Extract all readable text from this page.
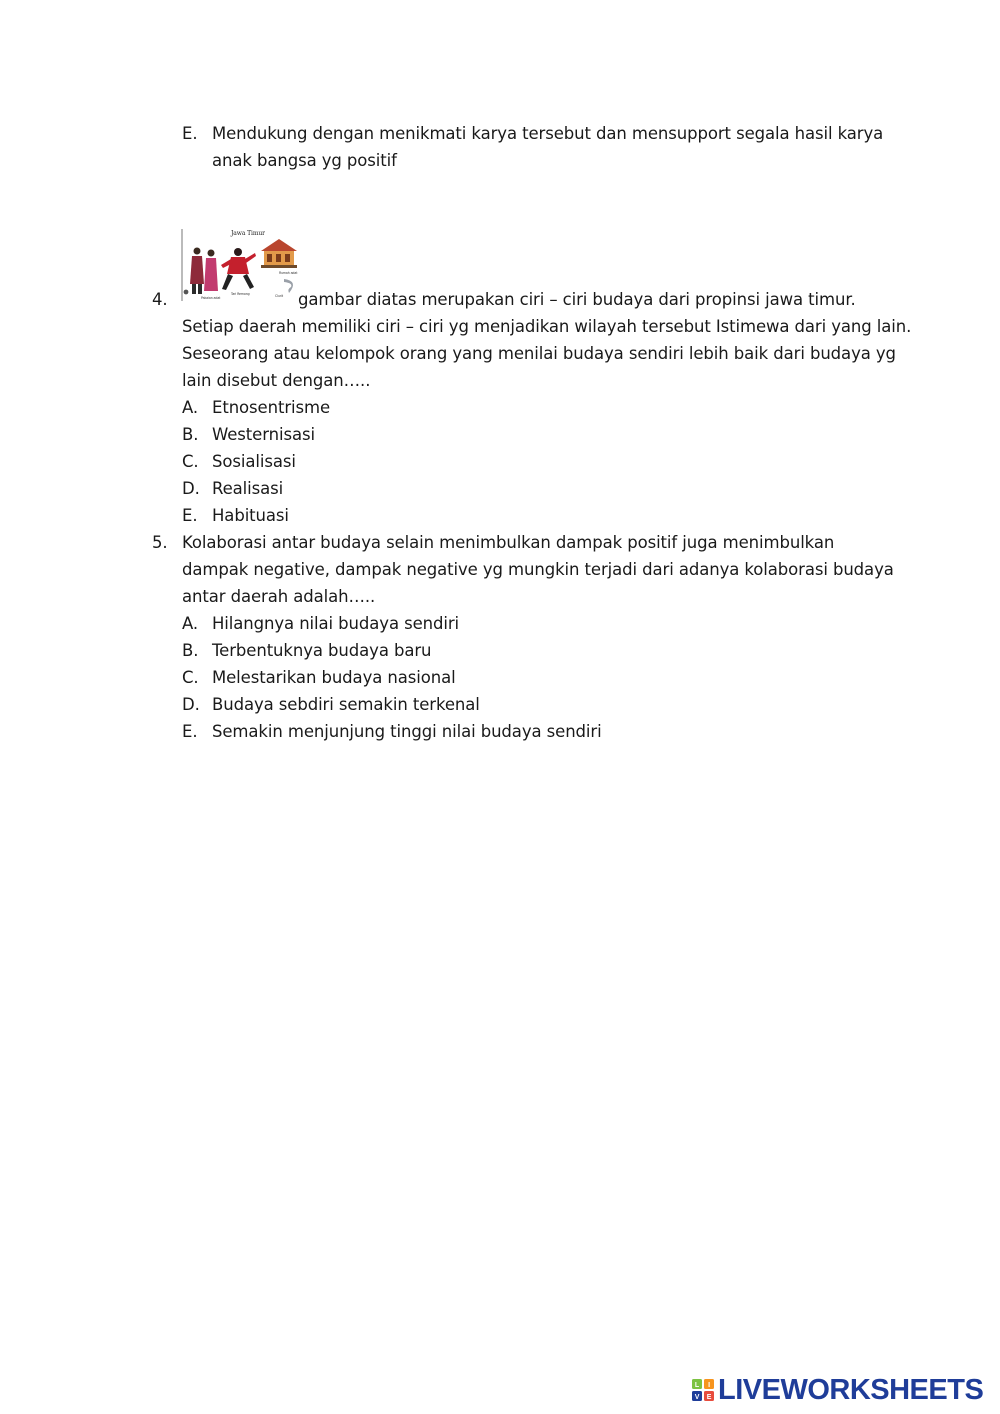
E. Mendukung dengan menikmati karya tersebut dan mensupport segala hasil karya
anak bangsa yg positif
4.
Jawa Timur
Pakaian adat
Tari Remong	Clurit
Rumah adat
gambar diatas merupakan ciri – ciri budaya dari propinsi jawa timur.
Setiap daerah memiliki ciri – ciri yg menjadikan wilayah tersebut Istimewa dari yang lain.
Seseorang atau kelompok orang yang menilai budaya sendiri lebih baik dari budaya yg
lain disebut dengan…..
A. Etnosentrisme
B. Westernisasi
C. Sosialisasi
D. Realisasi
E. Habituasi
5. Kolaborasi antar budaya selain menimbulkan dampak positif juga menimbulkan
dampak negative, dampak negative yg mungkin terjadi dari adanya kolaborasi budaya
antar daerah adalah…..
A. Hilangnya nilai budaya sendiri
B. Terbentuknya budaya baru
C. Melestarikan budaya nasional
D. Budaya sebdiri semakin terkenal
E. Semakin menjunjung tinggi nilai budaya sendiri
L I
V E LIVEWORKSHEETS
